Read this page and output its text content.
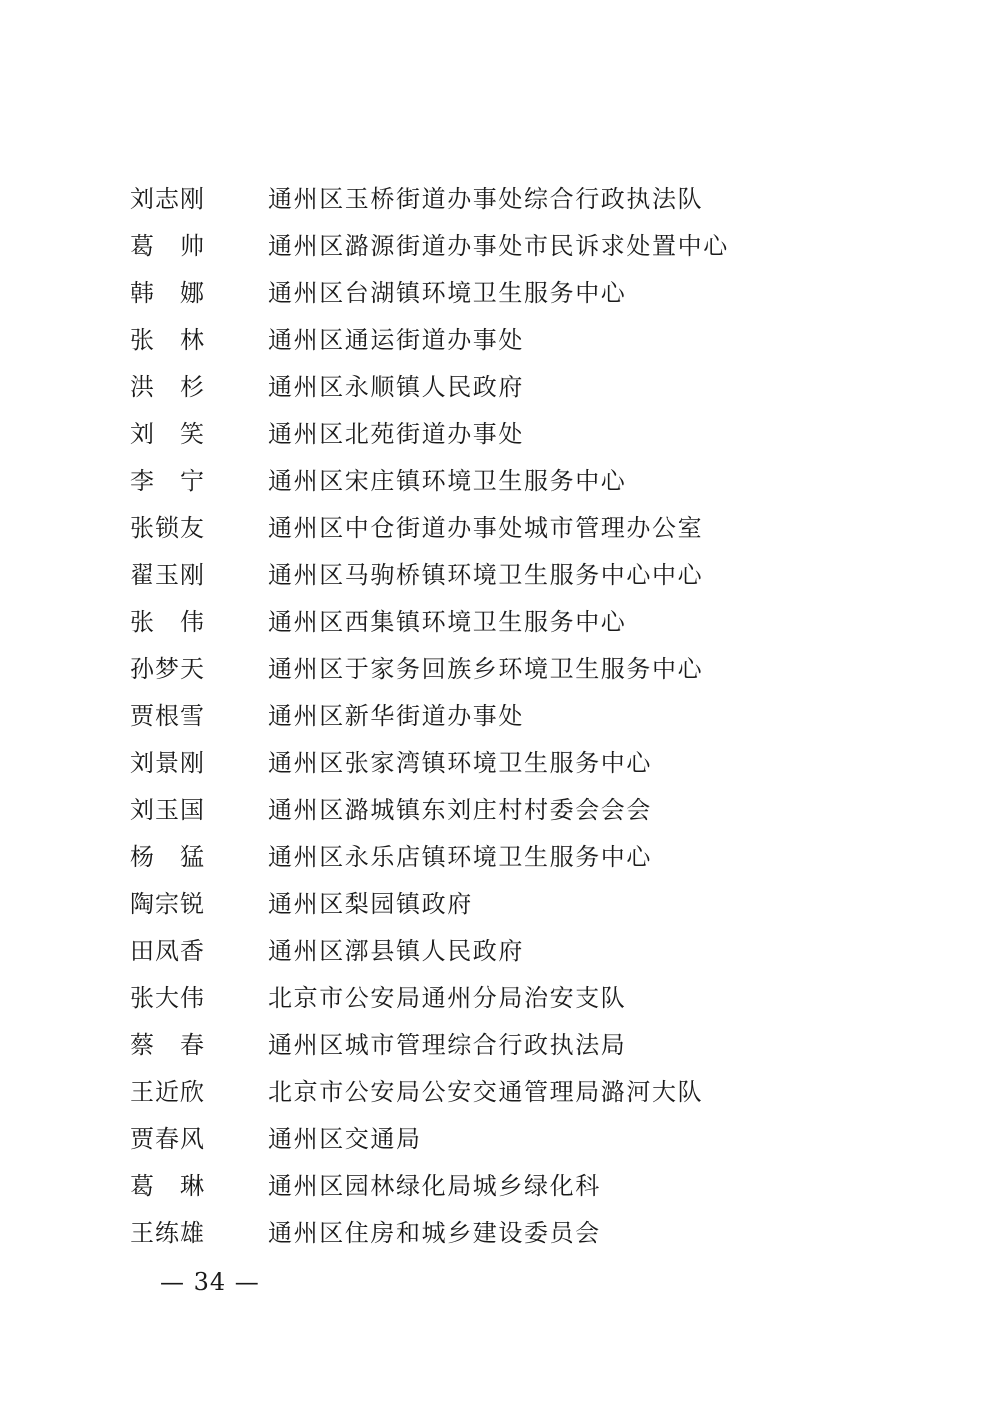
刘志刚	通州区玉桥街道办事处综合行政执法队
葛　帅	通州区潞源街道办事处市民诉求处置中心
韩　娜	通州区台湖镇环境卫生服务中心
张　林	通州区通运街道办事处
洪　杉	通州区永顺镇人民政府
刘　笑	通州区北苑街道办事处
李　宁	通州区宋庄镇环境卫生服务中心
张锁友	通州区中仓街道办事处城市管理办公室
翟玉刚	通州区马驹桥镇环境卫生服务中心中心
张　伟	通州区西集镇环境卫生服务中心
孙梦天	通州区于家务回族乡环境卫生服务中心
贾根雪	通州区新华街道办事处
刘景刚	通州区张家湾镇环境卫生服务中心
刘玉国	通州区潞城镇东刘庄村村委会会会
杨　猛	通州区永乐店镇环境卫生服务中心
陶宗锐	通州区梨园镇政府
田凤香	通州区漷县镇人民政府
张大伟	北京市公安局通州分局治安支队
蔡　春	通州区城市管理综合行政执法局
王近欣	北京市公安局公安交通管理局潞河大队
贾春风	通州区交通局
葛　琳	通州区园林绿化局城乡绿化科
王练雄	通州区住房和城乡建设委员会
— 34 —
